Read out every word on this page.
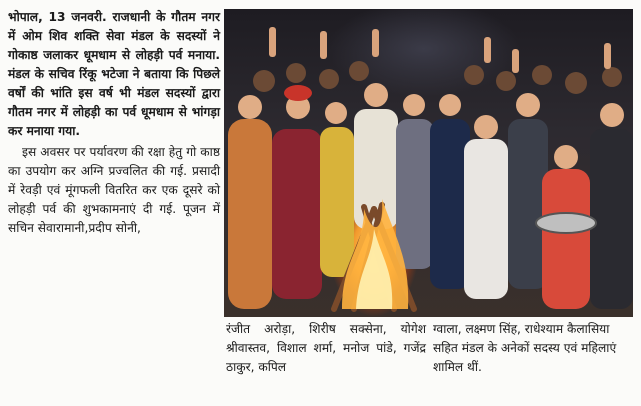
भोपाल, 13 जनवरी. राजधानी के गौतम नगर में ओम शिव शक्ति सेवा मंडल के सदस्यों ने गोकाष्ठ जलाकर धूमधाम से लोहड़ी पर्व मनाया. मंडल के सचिव रिंकू भटेजा ने बताया कि पिछले वर्षों की भांति इस वर्ष भी मंडल सदस्यों द्वारा गौतम नगर में लोहड़ी का पर्व धूमधाम से भांगड़ा कर मनाया गया.

इस अवसर पर पर्यावरण की रक्षा हेतु गो काष्ठ का उपयोग कर अग्नि प्रज्वलित की गई. प्रसादी में रेवड़ी एवं मूंगफली वितरित कर एक दूसरे को लोहड़ी पर्व की शुभकामनाएं दी गई. पूजन में सचिन सेवारामानी,प्रदीप सोनी,

रंजीत अरोड़ा, शिरीष सक्सेना, योगेश श्रीवास्तव, विशाल शर्मा, मनोज पांडे, गजेंद्र ठाकुर, कपिल

ग्वाला, लक्ष्मण सिंह, राधेश्याम कैलासिया सहित मंडल के अनेकों सदस्य एवं महिलाएं शामिल थीं.
